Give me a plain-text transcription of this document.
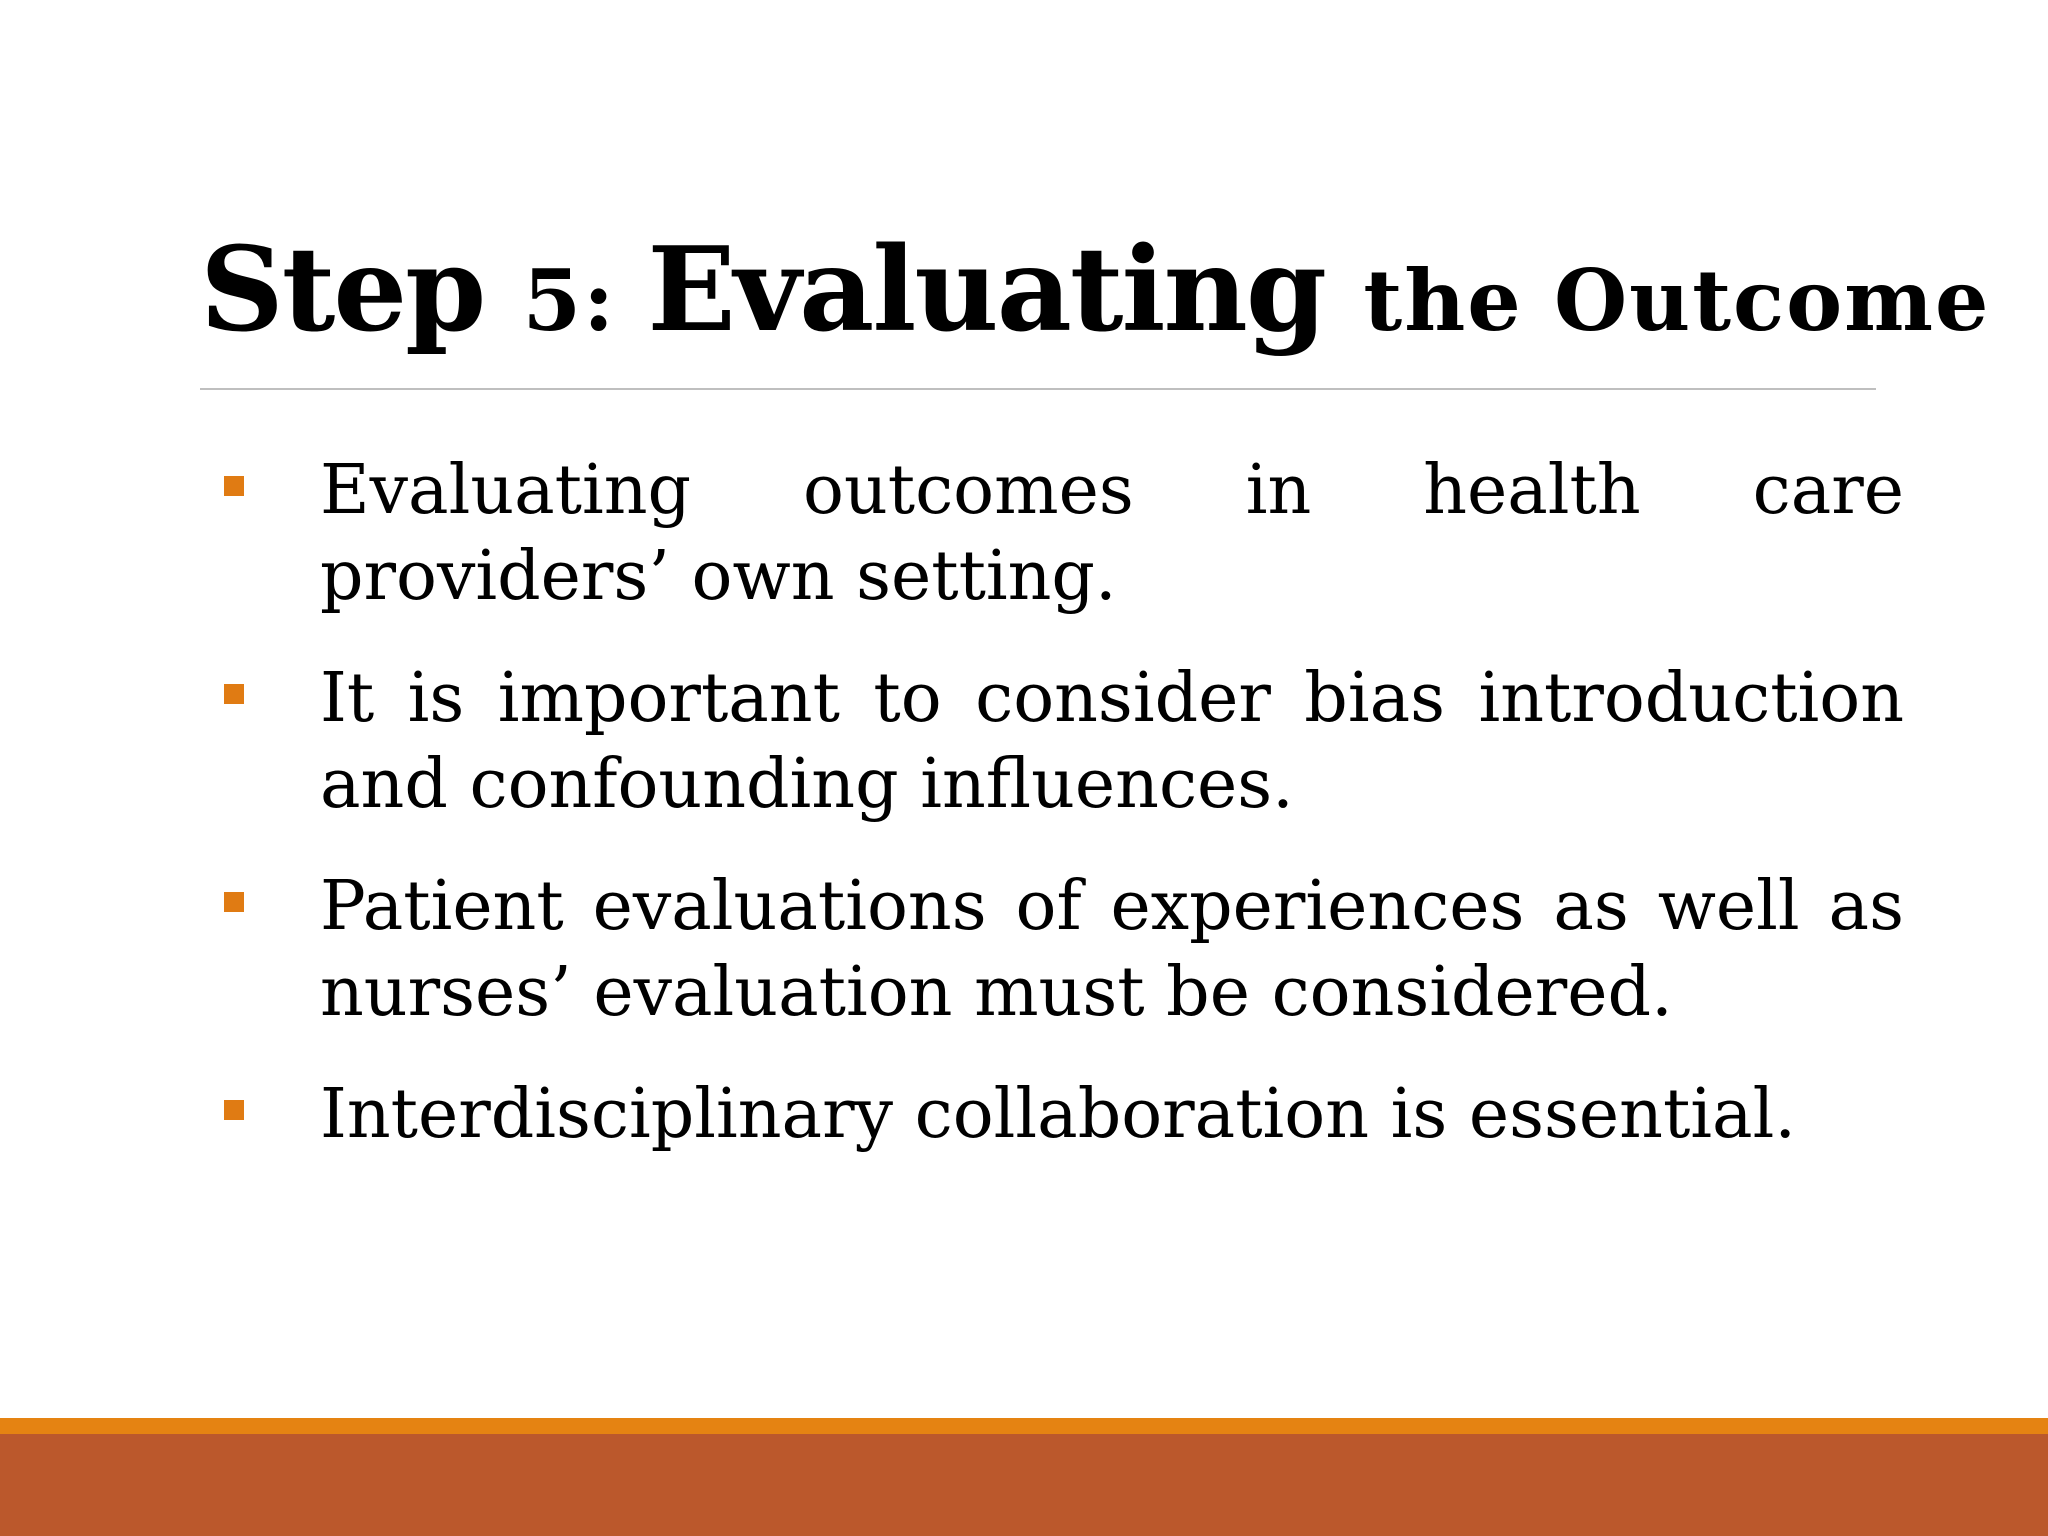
Step 5: Evaluating the Outcome
Evaluating outcomes in health care providers’ own setting.
It is important to consider bias introduction and confounding influences.
Patient evaluations of experiences as well as nurses’ evaluation must be considered.
Interdisciplinary collaboration is essential.
